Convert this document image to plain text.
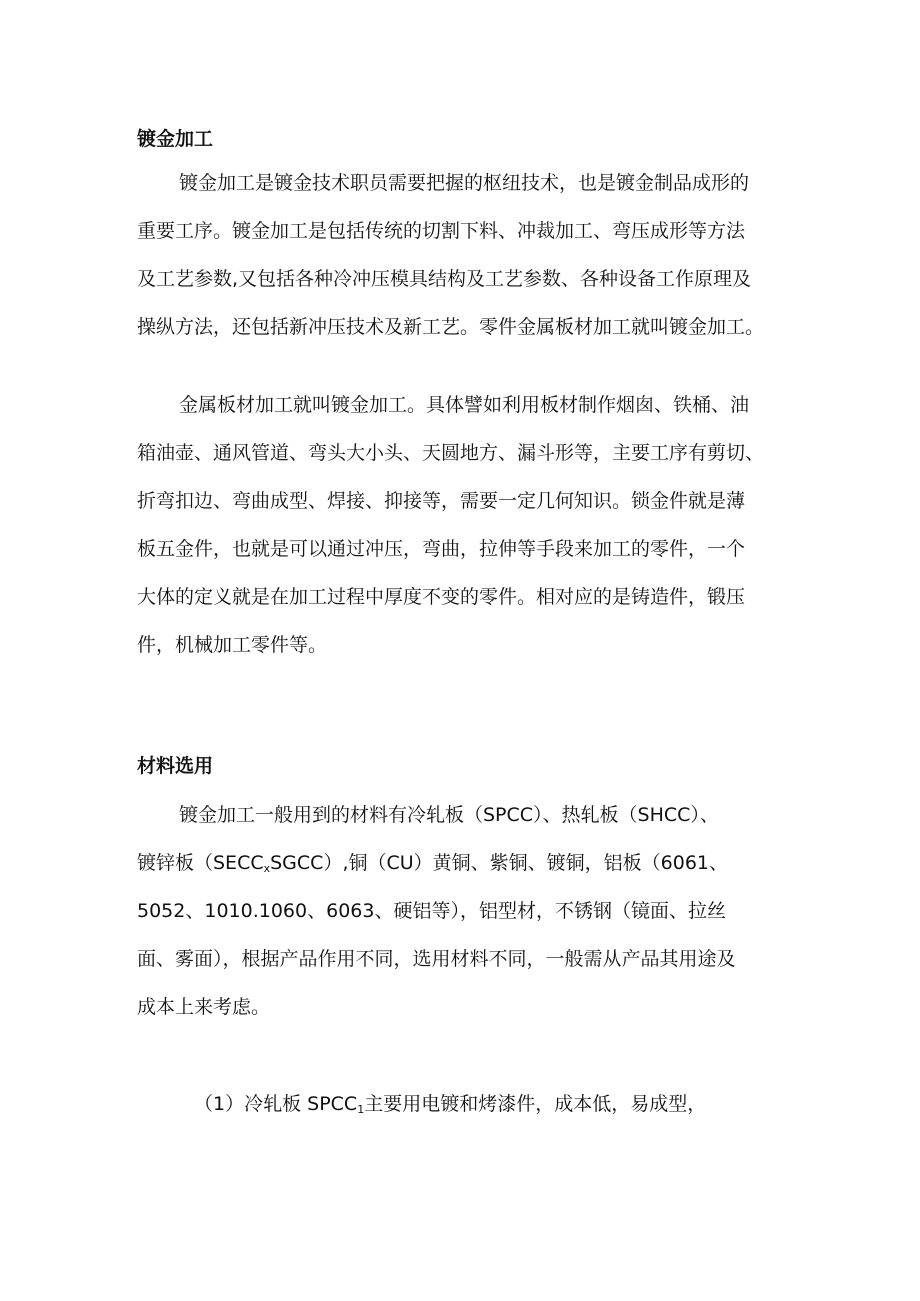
镀金加工
镀金加工是镀金技术职员需要把握的枢纽技术，也是镀金制品成形的
重要工序。镀金加工是包括传统的切割下料、冲裁加工、弯压成形等方法
及工艺参数,又包括各种冷冲压模具结构及工艺参数、各种设备工作原理及
操纵方法，还包括新冲压技术及新工艺。零件金属板材加工就叫镀金加工。
金属板材加工就叫镀金加工。具体譬如利用板材制作烟囱、铁桶、油
箱油壶、通风管道、弯头大小头、天圆地方、漏斗形等，主要工序有剪切、
折弯扣边、弯曲成型、焊接、抑接等，需要一定几何知识。锁金件就是薄
板五金件，也就是可以通过冲压，弯曲，拉伸等手段来加工的零件，一个
大体的定义就是在加工过程中厚度不变的零件。相对应的是铸造件，锻压
件，机械加工零件等。
材料选用
镀金加工一般用到的材料有冷轧板（SPCC）、热轧板（SHCC）、
镀锌板$(SECC_xSGCC)$,铜（CU）黄铜、紫铜、镀铜，铝板（6061、
5052、1010.1060、6063、硬铝等），铝型材，不锈钢（镜面、拉丝
面、雾面），根据产品作用不同，选用材料不同，一般需从产品其用途及
成本上来考虑。
（1）冷轧板 $SPCC_1$主要用电镀和烤漆件，成本低，易成型，
